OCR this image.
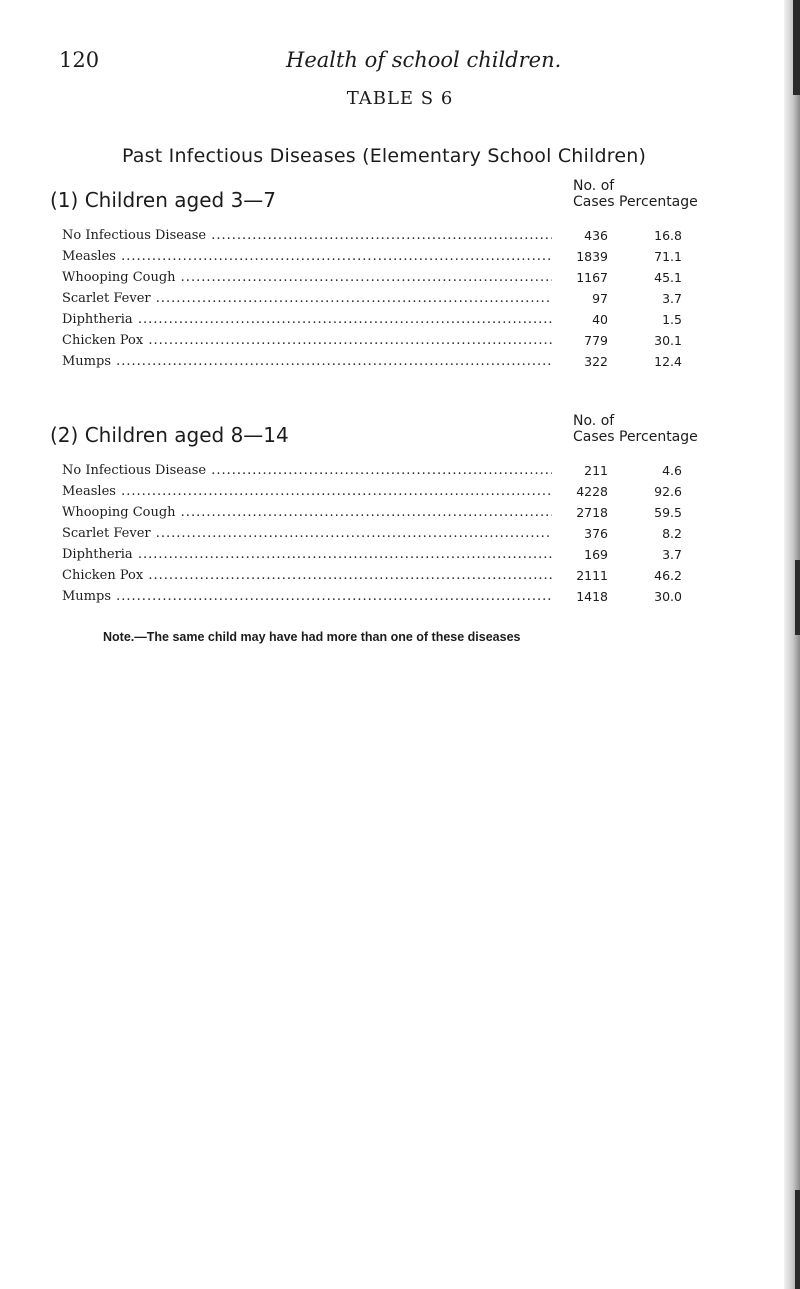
120	Health of school children.
TABLE S 6
Past Infectious Diseases (Elementary School Children)
(1) Children aged 3—7
No. of
Cases Percentage
No Infectious Disease .....	436	16.8
Measles .....	1839	71.1
Whooping Cough .....	1167	45.1
Scarlet Fever .....	97	3.7
Diphtheria .....	40	1.5
Chicken Pox .....	779	30.1
Mumps .....	322	12.4
(2) Children aged 8—14
No. of
Cases Percentage
No Infectious Disease .....	211	4.6
Measles .....	4228	92.6
Whooping Cough .....	2718	59.5
Scarlet Fever .....	376	8.2
Diphtheria .....	169	3.7
Chicken Pox .....	2111	46.2
Mumps .....	1418	30.0
Note.—The same child may have had more than one of these diseases
